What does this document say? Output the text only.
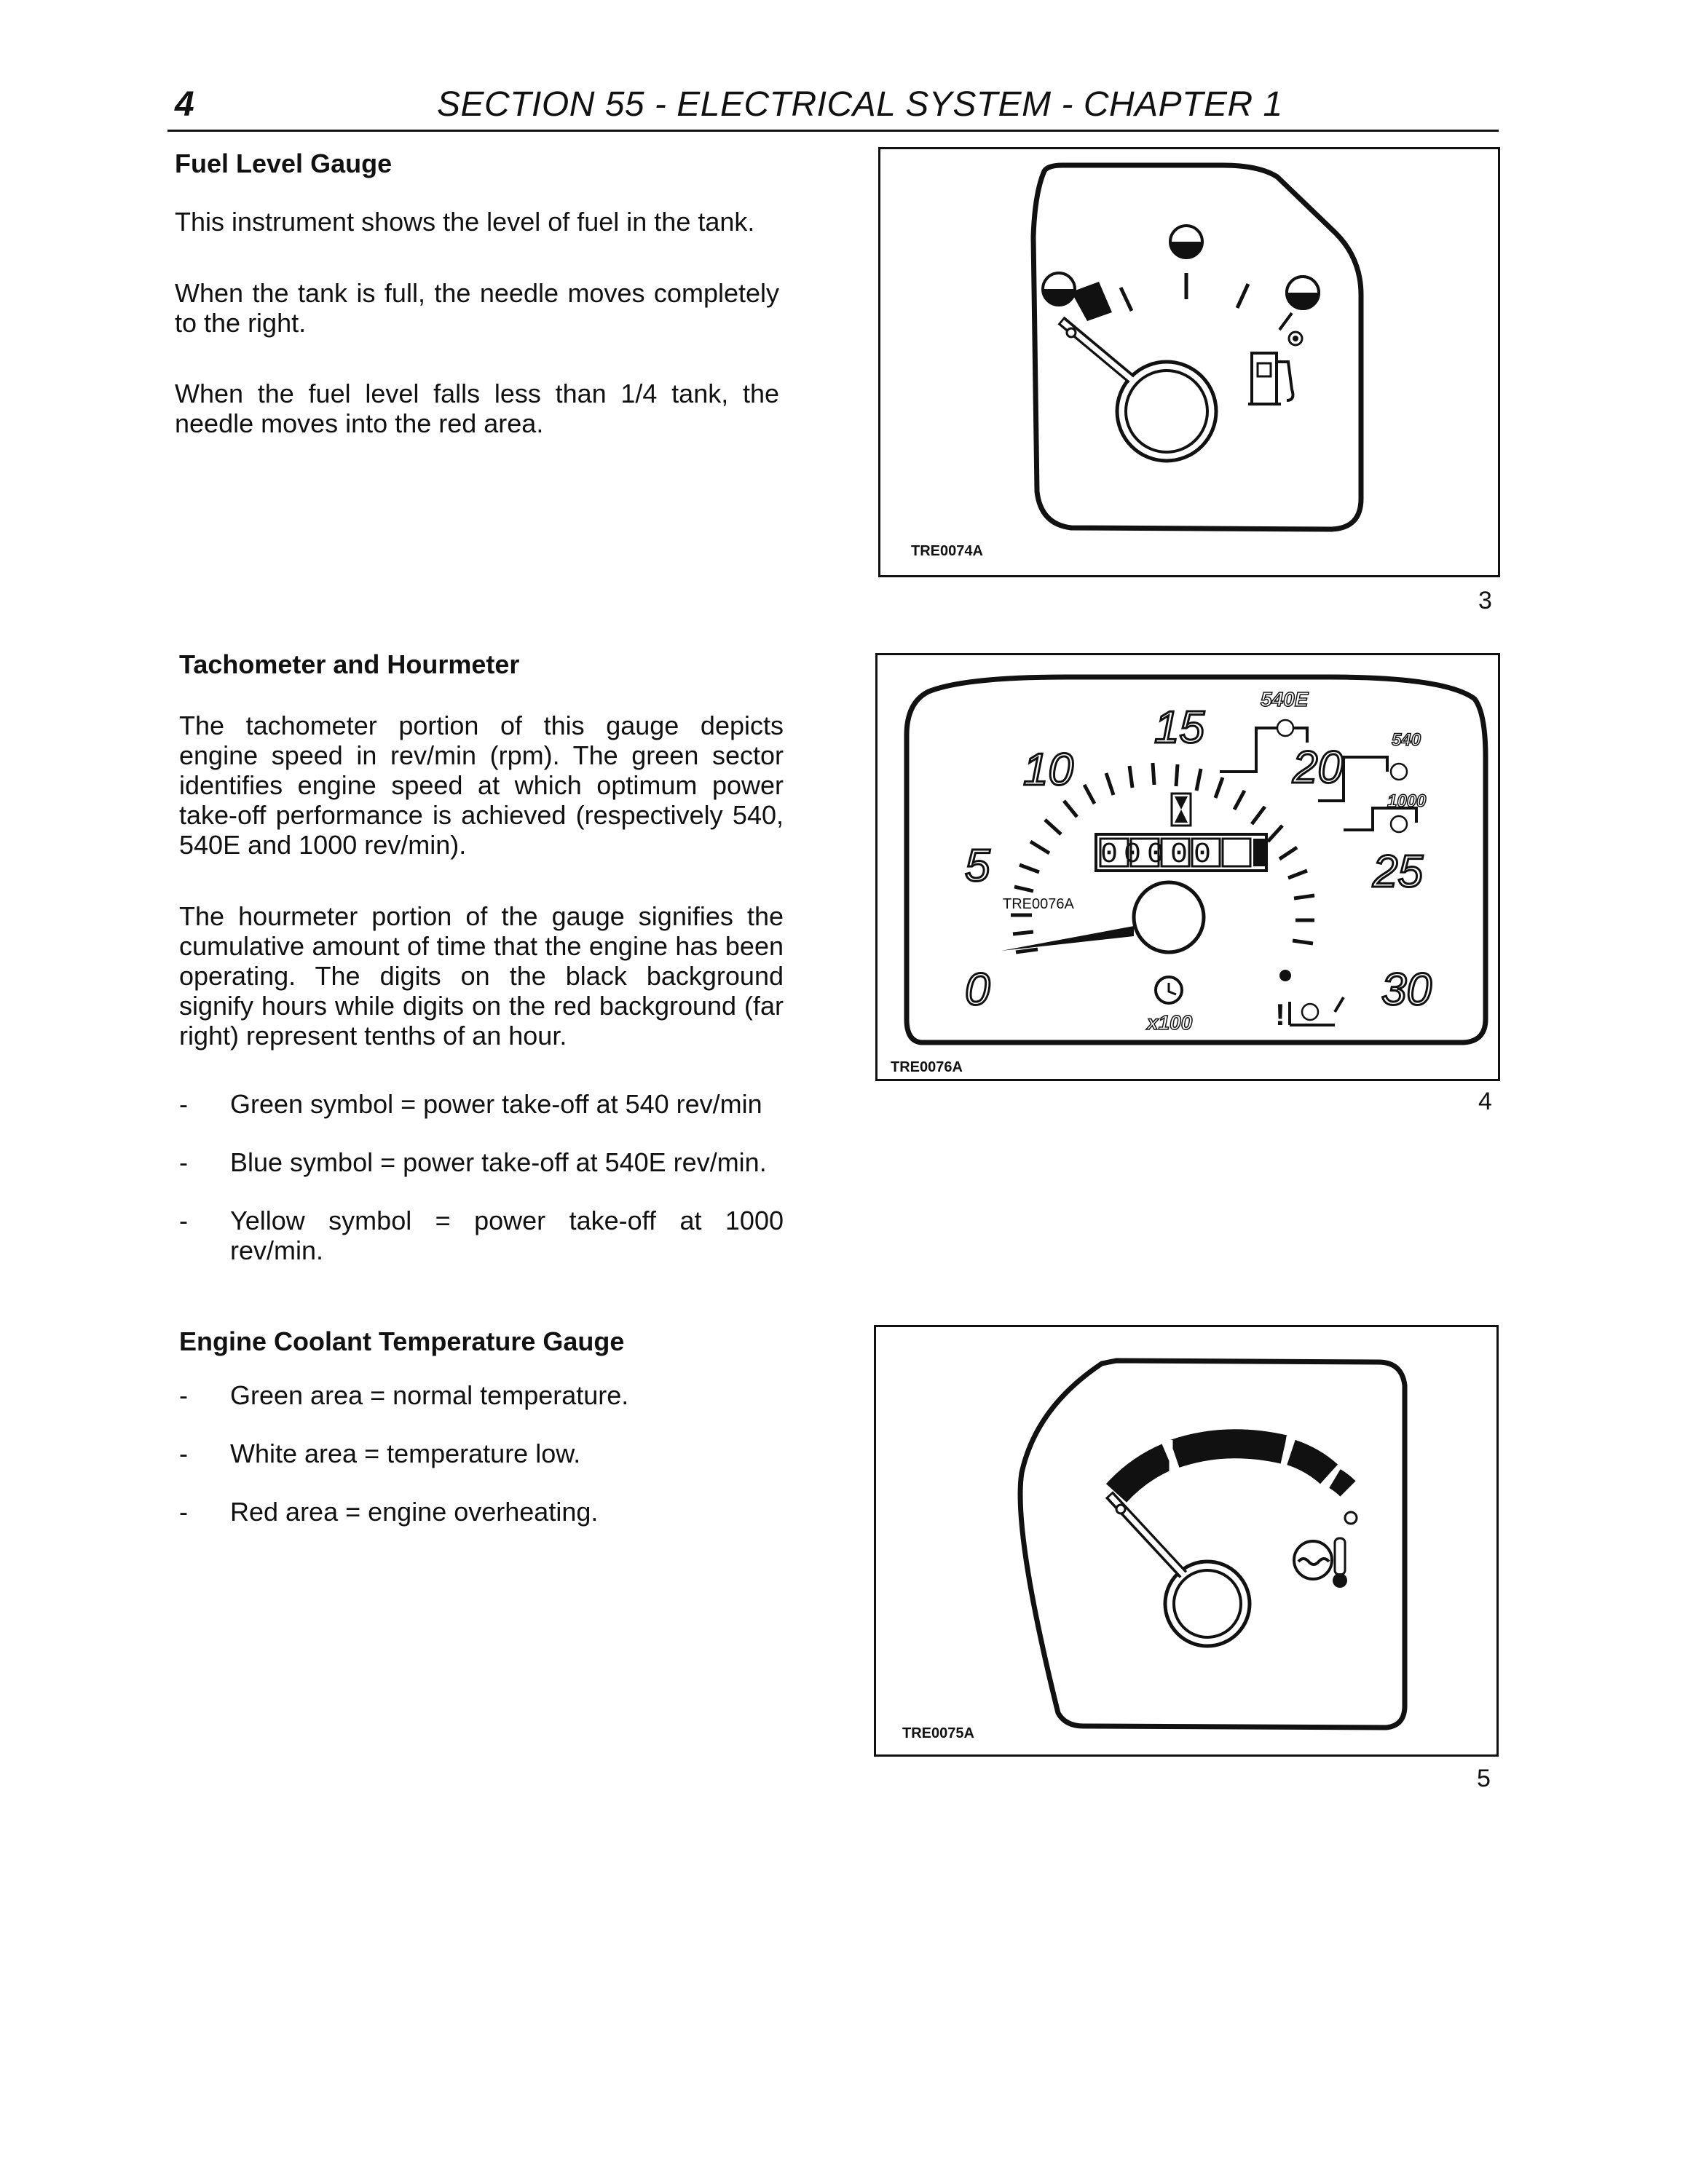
4	SECTION 55 - ELECTRICAL SYSTEM - CHAPTER 1
Fuel Level Gauge
This instrument shows the level of fuel in the tank.
When the tank is full, the needle moves completely to the right.
When the fuel level falls less than 1/4 tank, the needle moves into the red area.
TRE0074A
3
Tachometer and Hourmeter
The tachometer portion of this gauge depicts engine speed in rev/min (rpm). The green sector identifies engine speed at which optimum power take-off performance is achieved (respectively 540, 540E and 1000 rev/min).
The hourmeter portion of the gauge signifies the cumulative amount of time that the engine has been operating. The digits on the black background signify hours while digits on the red background (far right) represent tenths of an hour.
- Green symbol = power take-off at 540 rev/min
- Blue symbol = power take-off at 540E rev/min.
- Yellow symbol = power take-off at 1000 rev/min.
00000
0
5
10
15
20
25
30
540E
540
1000
!
x100
TRE0076A
TRE0076A
4
Engine Coolant Temperature Gauge
- Green area = normal temperature.
- White area = temperature low.
- Red area = engine overheating.
TRE0075A
5
